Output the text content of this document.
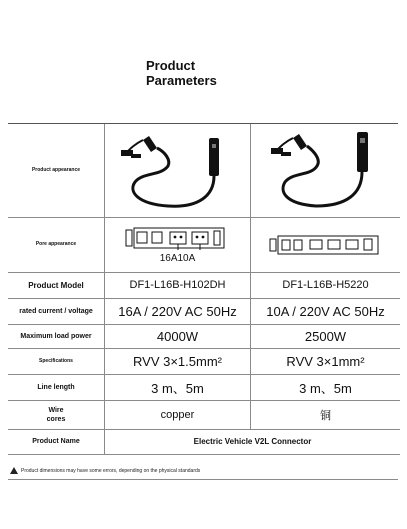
Product
Parameters
Product appearance	

Pore appearance	16A10A

Product Model	DF1-L16B-H102DH	DF1-L16B-H5220
rated current / voltage	16A / 220V AC 50Hz	10A / 220V AC 50Hz
Maximum load power	4000W	2500W
Specifications	RVV 3×1.5mm²	RVV 3×1mm²
Line length	3 m、5m	3 m、5m

Wire
cores	copper	铜
Product Name	Electric Vehicle V2L Connector	
Product dimensions may have some errors, depending on the physical standards
